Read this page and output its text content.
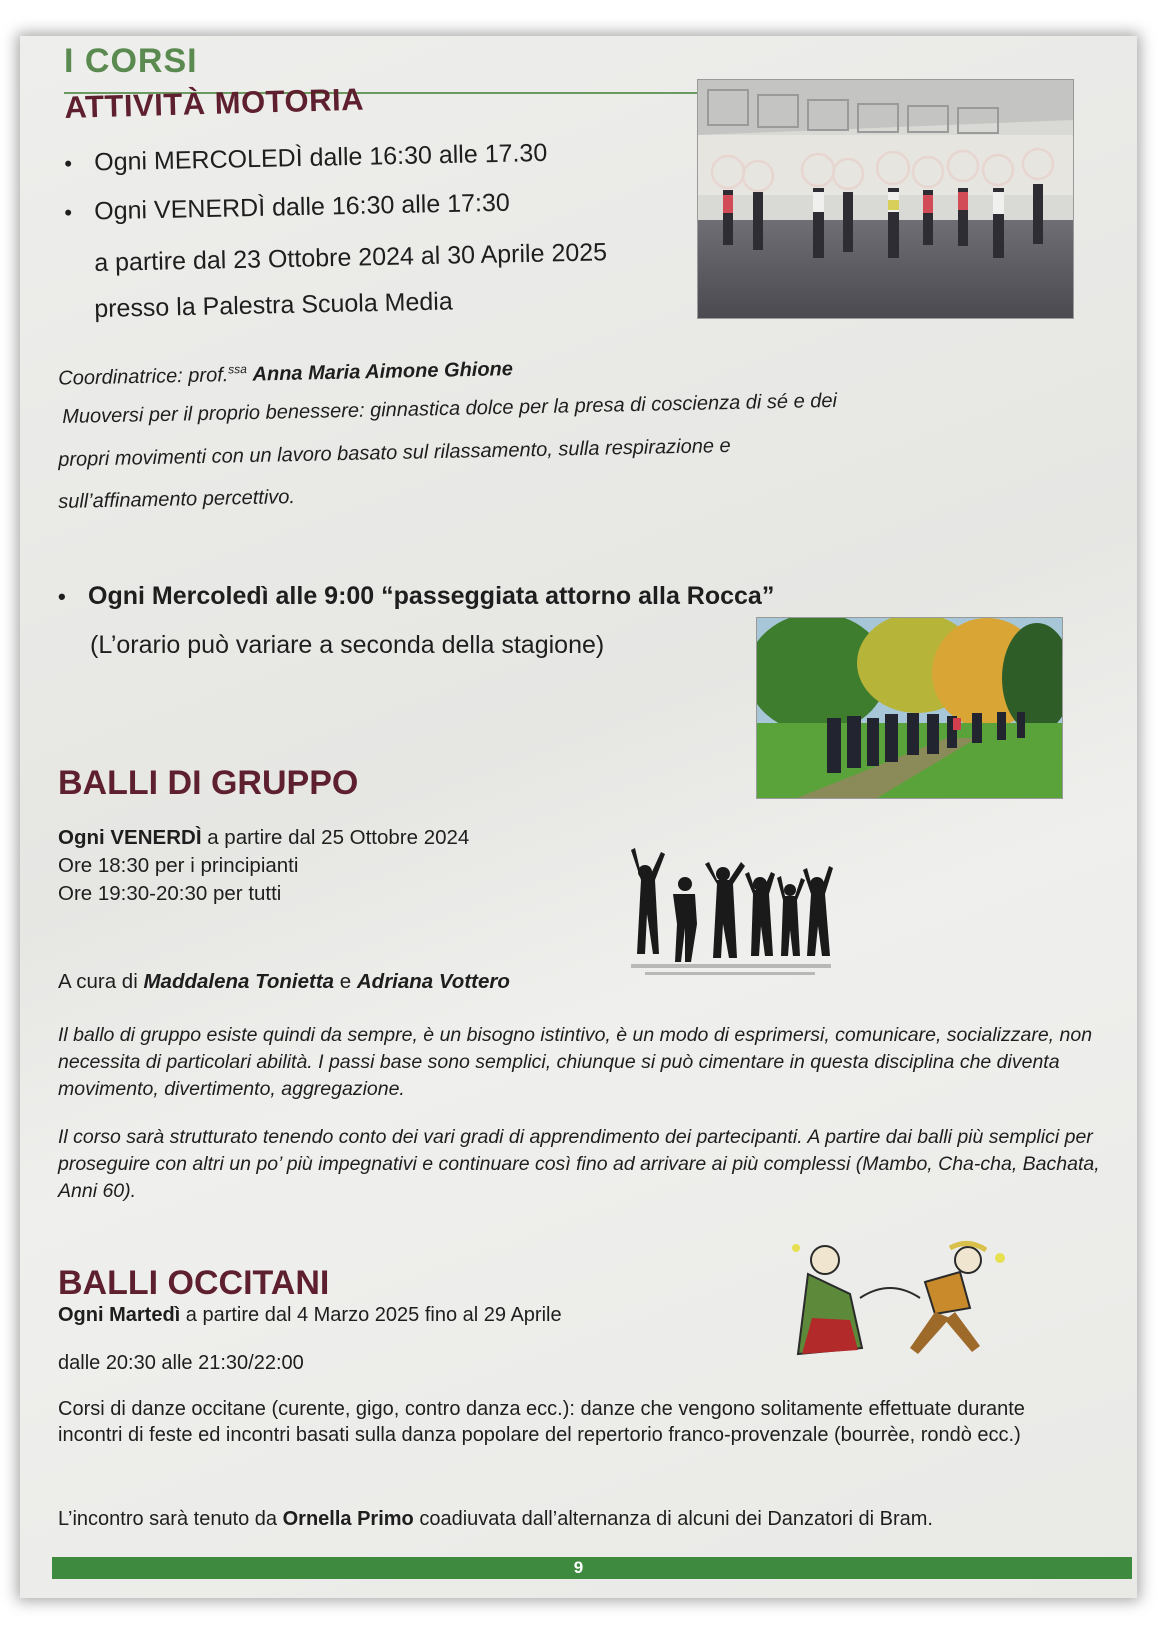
I CORSI
ATTIVITÀ MOTORIA
• Ogni MERCOLEDÌ dalle 16:30 alle 17.30
• Ogni VENERDÌ dalle 16:30 alle 17:30
a partire dal 23 Ottobre 2024 al 30 Aprile 2025
presso la Palestra Scuola Media
Coordinatrice: prof.$^{ssa}$ Anna Maria Aimone Ghione
Muoversi per il proprio benessere: ginnastica dolce per la presa di coscienza di sé e dei
propri movimenti con un lavoro basato sul rilassamento, sulla respirazione e
sull’affinamento percettivo.
• Ogni Mercoledì alle 9:00 “passeggiata attorno alla Rocca”
(L’orario può variare a seconda della stagione)
BALLI DI GRUPPO
Ogni VENERDÌ a partire dal 25 Ottobre 2024
Ore 18:30 per i principianti
Ore 19:30-20:30 per tutti
A cura di Maddalena Tonietta e Adriana Vottero
Il ballo di gruppo esiste quindi da sempre, è un bisogno istintivo, è un modo di esprimersi, comunicare, socializzare, non necessita di particolari abilità. I passi base sono semplici, chiunque si può cimentare in questa disciplina che diventa movimento, divertimento, aggregazione.
Il corso sarà strutturato tenendo conto dei vari gradi di apprendimento dei partecipanti. A partire dai balli più semplici per proseguire con altri un po’ più impegnativi e continuare così fino ad arrivare ai più complessi (Mambo, Cha-cha, Bachata, Anni 60).
BALLI OCCITANI
Ogni Martedì a partire dal 4 Marzo 2025 fino al 29 Aprile
dalle 20:30 alle 21:30/22:00
Corsi di danze occitane (curente, gigo, contro danza ecc.): danze che vengono solitamente effettuate durante incontri di feste ed incontri basati sulla danza popolare del repertorio franco-provenzale (bourrèe, rondò ecc.)
L’incontro sarà tenuto da Ornella Primo coadiuvata dall’alternanza di alcuni dei Danzatori di Bram.
9
